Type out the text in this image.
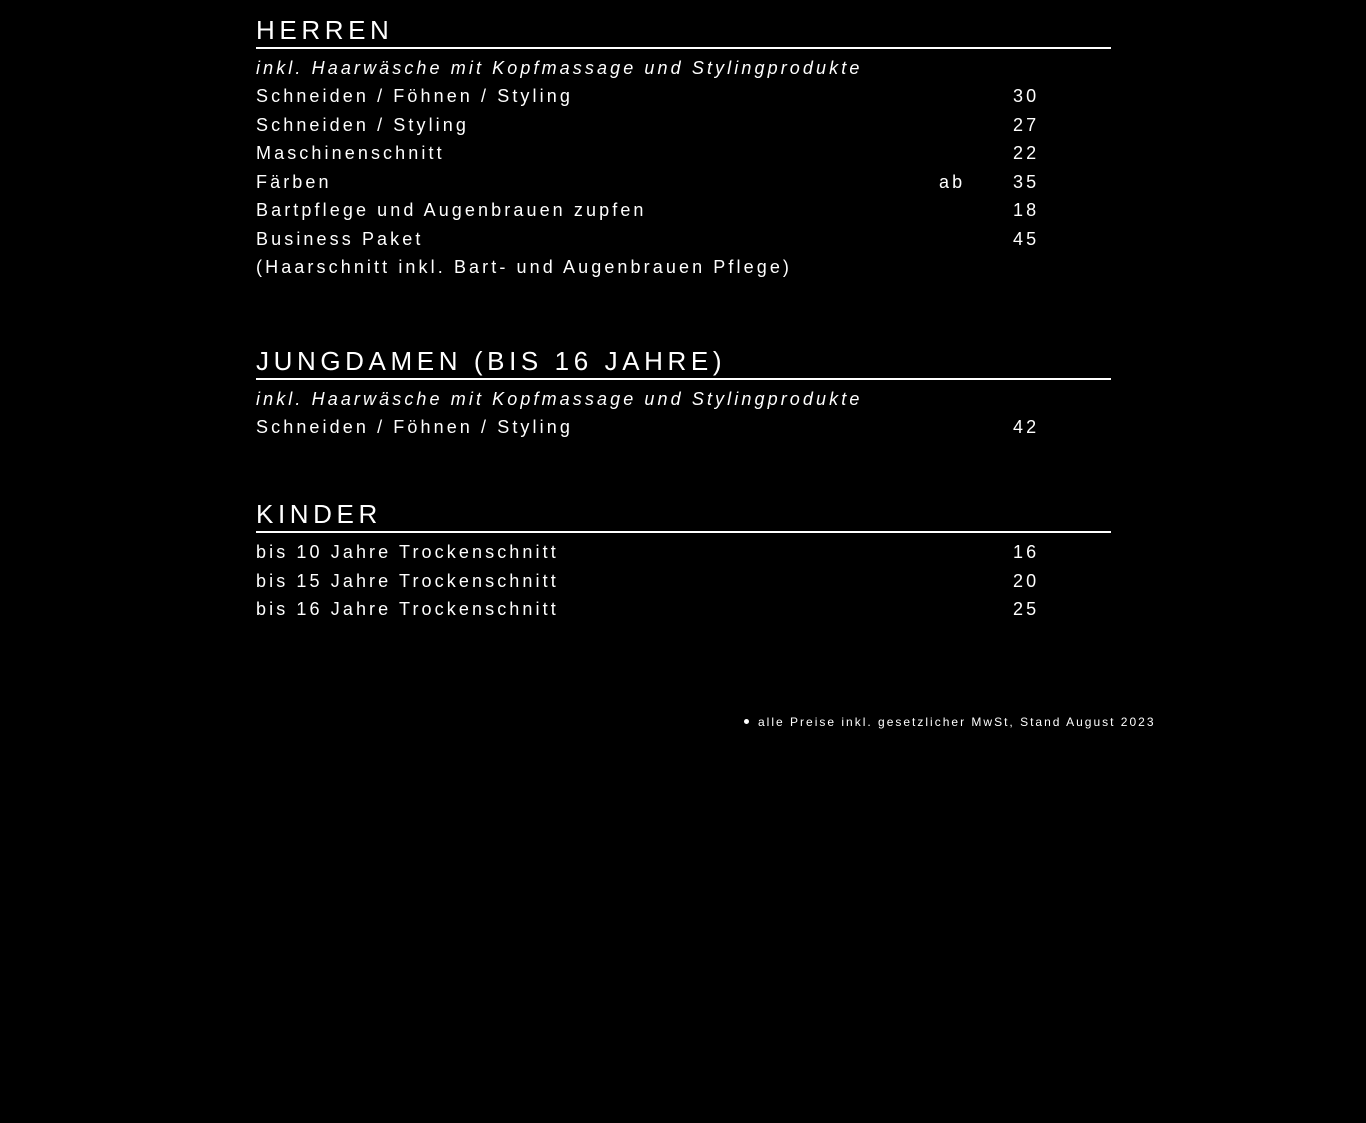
HERREN
inkl. Haarwäsche mit Kopfmassage und Stylingprodukte
Schneiden / Föhnen / Styling	30
Schneiden / Styling	27
Maschinenschnitt	22
Färben	ab	35
Bartpflege und Augenbrauen zupfen	18
Business Paket	45
(Haarschnitt inkl. Bart- und Augenbrauen Pflege)
JUNGDAMEN (BIS 16 JAHRE)
inkl. Haarwäsche mit Kopfmassage und Stylingprodukte
Schneiden / Föhnen / Styling	42
KINDER
bis 10 Jahre Trockenschnitt	16
bis 15 Jahre Trockenschnitt	20
bis 16 Jahre Trockenschnitt	25
alle Preise inkl. gesetzlicher MwSt, Stand August 2023
